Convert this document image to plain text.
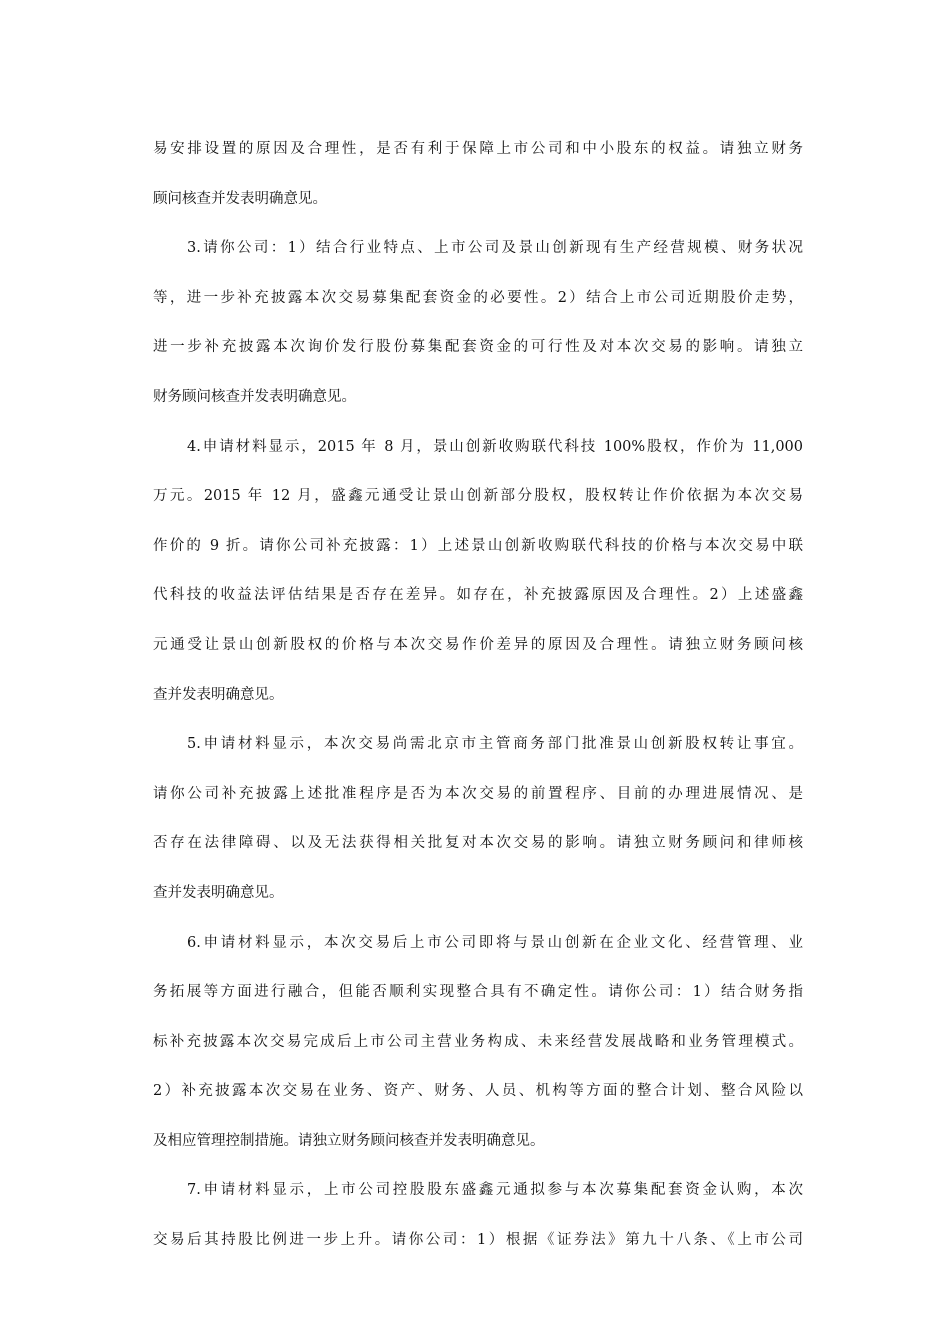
易安排设置的原因及合理性，是否有利于保障上市公司和中小股东的权益。请独立财务
顾问核查并发表明确意见。
3.请你公司：1）结合行业特点、上市公司及景山创新现有生产经营规模、财务状况
等，进一步补充披露本次交易募集配套资金的必要性。2）结合上市公司近期股价走势，
进一步补充披露本次询价发行股份募集配套资金的可行性及对本次交易的影响。请独立
财务顾问核查并发表明确意见。
4.申请材料显示，2015 年 8 月，景山创新收购联代科技 100%股权，作价为 11,000
万元。2015 年 12 月，盛鑫元通受让景山创新部分股权，股权转让作价依据为本次交易
作价的 9 折。请你公司补充披露：1）上述景山创新收购联代科技的价格与本次交易中联
代科技的收益法评估结果是否存在差异。如存在，补充披露原因及合理性。2）上述盛鑫
元通受让景山创新股权的价格与本次交易作价差异的原因及合理性。请独立财务顾问核
查并发表明确意见。
5.申请材料显示，本次交易尚需北京市主管商务部门批准景山创新股权转让事宜。
请你公司补充披露上述批准程序是否为本次交易的前置程序、目前的办理进展情况、是
否存在法律障碍、以及无法获得相关批复对本次交易的影响。请独立财务顾问和律师核
查并发表明确意见。
6.申请材料显示，本次交易后上市公司即将与景山创新在企业文化、经营管理、业
务拓展等方面进行融合，但能否顺利实现整合具有不确定性。请你公司：1）结合财务指
标补充披露本次交易完成后上市公司主营业务构成、未来经营发展战略和业务管理模式。
2）补充披露本次交易在业务、资产、财务、人员、机构等方面的整合计划、整合风险以
及相应管理控制措施。请独立财务顾问核查并发表明确意见。
7.申请材料显示，上市公司控股股东盛鑫元通拟参与本次募集配套资金认购，本次
交易后其持股比例进一步上升。请你公司：1）根据《证券法》第九十八条、《上市公司
